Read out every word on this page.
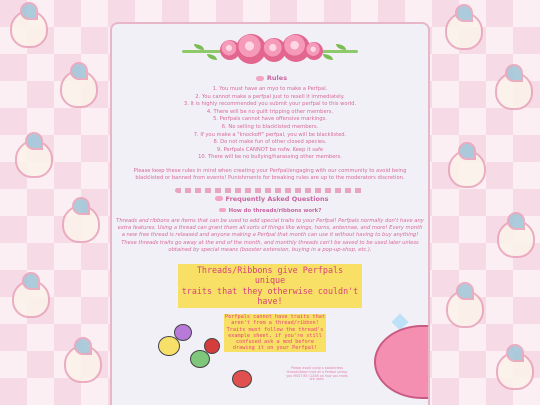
Rules
1. You must have an myo to make a Perfpal.
2. You cannot make a perfpal just to resell it immediately.
3. It is highly recommended you submit your perfpal to this world.
4. There will be no guilt tripping other members.
5. Perfpals cannot have offensive markings.
6. No selling to blacklisted members.
7. If you make a "knockoff" perfpal, you will be blacklisted.
8. Do not make fun of other closed species.
9. Perfpals CANNOT be nsfw. Keep it safe
10. There will be no bullying/harassing other members.
Please keep these rules in mind when creating your Perfpal/engaging with our community to avoid being blacklisted or banned from events! Punishments for breaking rules are up to the moderators discretion.
Frequently Asked Questions
How do threads/ribbons work?
Threads and ribbons are items that can be used to add special traits to your Perfpal! Perfpals normally don't have any extra features. Using a thread can grant them all sorts of things like wings, horns, antennae, and more! Every month a new free thread is released and anyone making a Perfpal that month can use it without having to buy anything! These threads traits go away at the end of the month, and monthly threads can't be saved to be used later unless obtained by special means (booster extension, buying in a pop-up-shop, etc.).
Threads/Ribbons give Perfpals unique
traits that they otherwise couldn't have!
Perfpals cannot have traits that aren't from a thread/ribbon! Traits must follow the thread's example sheet, if you're still confused ask a mod before drawing it on your Perfpal!
Please avoid using a boosterless thread/ribbon trait on a Perfpal unless you MUST BE CLEAR on how you traits are used.
